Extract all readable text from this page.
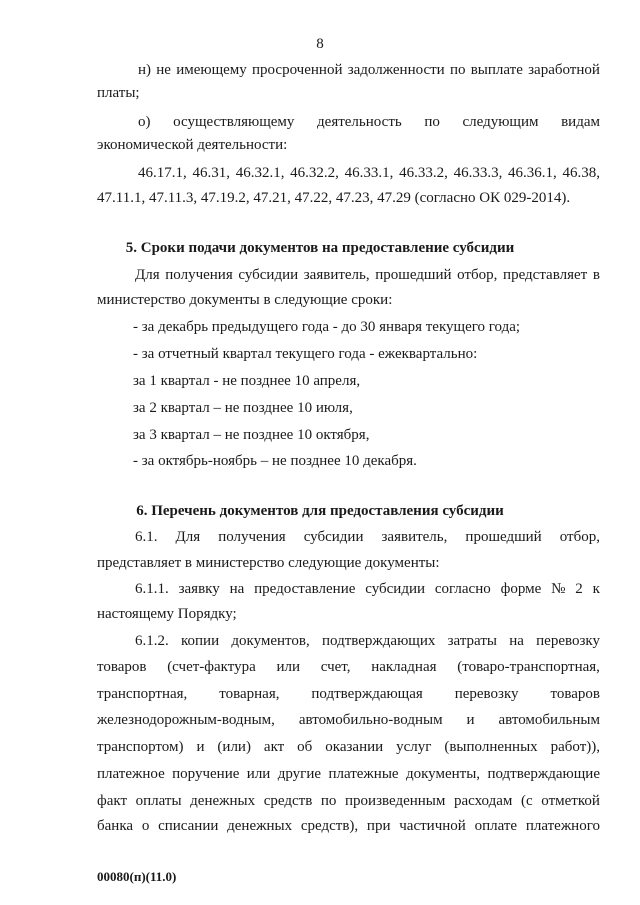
8
н) не имеющему просроченной задолженности по выплате заработной
платы;
о) осуществляющему деятельность по следующим видам
экономической деятельности:
46.17.1, 46.31, 46.32.1, 46.32.2, 46.33.1, 46.33.2, 46.33.3, 46.36.1, 46.38,
47.11.1, 47.11.3, 47.19.2, 47.21, 47.22, 47.23, 47.29 (согласно ОК 029-2014).
5. Сроки подачи документов на предоставление субсидии
Для получения субсидии заявитель, прошедший отбор, представляет в
министерство документы в следующие сроки:
- за декабрь предыдущего года - до 30 января текущего года;
- за отчетный квартал текущего года - ежеквартально:
за 1 квартал - не позднее 10 апреля,
за 2 квартал – не позднее 10 июля,
за 3 квартал – не позднее 10 октября,
- за октябрь-ноябрь – не позднее 10 декабря.
6. Перечень документов для предоставления субсидии
6.1. Для получения субсидии заявитель, прошедший отбор,
представляет в министерство следующие документы:
6.1.1. заявку на предоставление субсидии согласно форме № 2 к
настоящему Порядку;
6.1.2. копии документов, подтверждающих затраты на перевозку
товаров (счет-фактура или счет, накладная (товаро-транспортная,
транспортная, товарная, подтверждающая перевозку товаров
железнодорожным-водным, автомобильно-водным и автомобильным
транспортом) и (или) акт об оказании услуг (выполненных работ)),
платежное поручение или другие платежные документы, подтверждающие
факт оплаты денежных средств по произведенным расходам (с отметкой
банка о списании денежных средств), при частичной оплате платежного
00080(п)(11.0)
